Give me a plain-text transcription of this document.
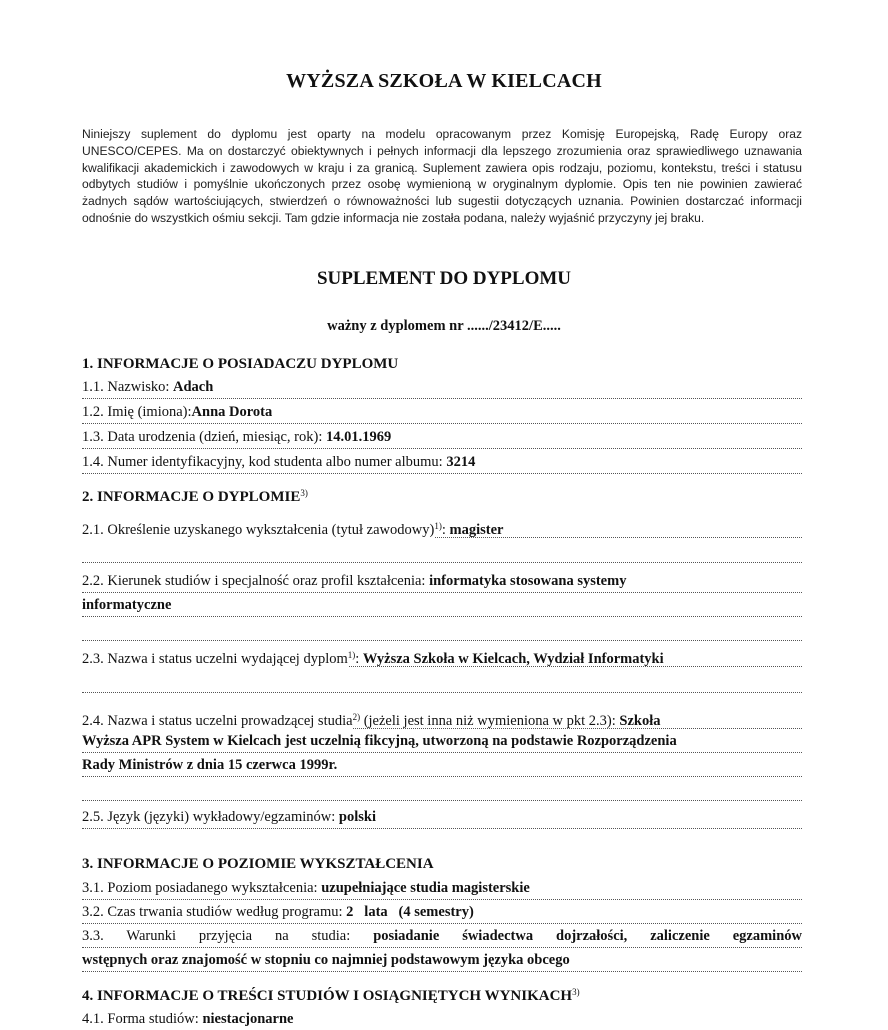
WYŻSZA SZKOŁA W KIELCACH
Niniejszy suplement do dyplomu jest oparty na modelu opracowanym przez Komisję Europejską, Radę Europy oraz UNESCO/CEPES. Ma on dostarczyć obiektywnych i pełnych informacji dla lepszego zrozumienia oraz sprawiedliwego uznawania kwalifikacji akademickich i zawodowych w kraju i za granicą. Suplement zawiera opis rodzaju, poziomu, kontekstu, treści i statusu odbytych studiów i pomyślnie ukończonych przez osobę wymienioną w oryginalnym dyplomie. Opis ten nie powinien zawierać żadnych sądów wartościujących, stwierdzeń o równoważności lub sugestii dotyczących uznania. Powinien dostarczać informacji odnośnie do wszystkich ośmiu sekcji. Tam gdzie informacja nie została podana, należy wyjaśnić przyczyny jej braku.
SUPLEMENT DO DYPLOMU
ważny z dyplomem nr ....../23412/E.....
1. INFORMACJE O POSIADACZU DYPLOMU
1.1. Nazwisko: Adach
1.2. Imię (imiona):Anna Dorota
1.3. Data urodzenia (dzień, miesiąc, rok): 14.01.1969
1.4. Numer identyfikacyjny, kod studenta albo numer albumu: 3214
2. INFORMACJE O DYPLOMIE$^{3)}$
2.1. Określenie uzyskanego wykształcenia (tytuł zawodowy)$^{1)}$: magister
2.2. Kierunek studiów i specjalność oraz profil kształcenia: informatyka stosowana systemy
informatyczne
2.3. Nazwa i status uczelni wydającej dyplom$^{1)}$: Wyższa Szkoła w Kielcach, Wydział Informatyki
2.4. Nazwa i status uczelni prowadzącej studia$^{2)}$ (jeżeli jest inna niż wymieniona w pkt 2.3): Szkoła
Wyższa APR System w Kielcach jest uczelnią fikcyjną, utworzoną na podstawie Rozporządzenia
Rady Ministrów z dnia 15 czerwca 1999r.
2.5. Język (języki) wykładowy/egzaminów: polski
3. INFORMACJE O POZIOMIE WYKSZTAŁCENIA
3.1. Poziom posiadanego wykształcenia: uzupełniające studia magisterskie
3.2. Czas trwania studiów według programu: 2   lata   (4 semestry)
3.3. Warunki przyjęcia na studia: posiadanie świadectwa dojrzałości, zaliczenie egzaminów
wstępnych oraz znajomość w stopniu co najmniej podstawowym języka obcego
4. INFORMACJE O TREŚCI STUDIÓW I OSIĄGNIĘTYCH WYNIKACH$^{3)}$
4.1. Forma studiów: niestacjonarne
